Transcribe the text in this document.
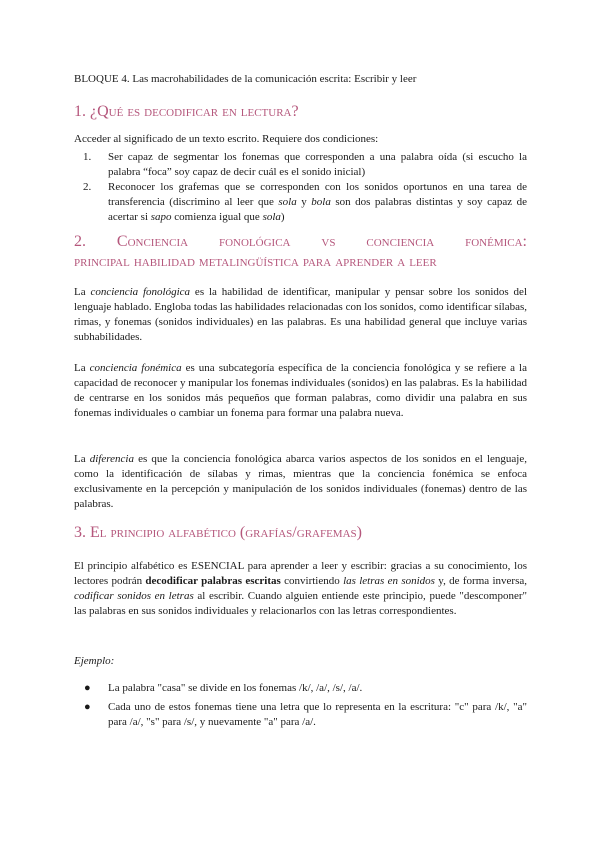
BLOQUE 4. Las macrohabilidades de la comunicación escrita: Escribir y leer
1. ¿Qué es decodificar en lectura?
Acceder al significado de un texto escrito. Requiere dos condiciones:
1. Ser capaz de segmentar los fonemas que corresponden a una palabra oída (si escucho la palabra “foca” soy capaz de decir cuál es el sonido inicial)
2. Reconocer los grafemas que se corresponden con los sonidos oportunos en una tarea de transferencia (discrimino al leer que sola y bola son dos palabras distintas y soy capaz de acertar si sapo comienza igual que sola)
2. Conciencia fonológica vs conciencia fonémica:
principal habilidad metalingüística para aprender a leer
La conciencia fonológica es la habilidad de identificar, manipular y pensar sobre los sonidos del lenguaje hablado. Engloba todas las habilidades relacionadas con los sonidos, como identificar sílabas, rimas, y fonemas (sonidos individuales) en las palabras. Es una habilidad general que incluye varias subhabilidades.
La conciencia fonémica es una subcategoría específica de la conciencia fonológica y se refiere a la capacidad de reconocer y manipular los fonemas individuales (sonidos) en las palabras. Es la habilidad de centrarse en los sonidos más pequeños que forman palabras, como dividir una palabra en sus fonemas individuales o cambiar un fonema para formar una palabra nueva.
La diferencia es que la conciencia fonológica abarca varios aspectos de los sonidos en el lenguaje, como la identificación de sílabas y rimas, mientras que la conciencia fonémica se enfoca exclusivamente en la percepción y manipulación de los sonidos individuales (fonemas) dentro de las palabras.
3. El principio alfabético (grafías/grafemas)
El principio alfabético es ESENCIAL para aprender a leer y escribir: gracias a su conocimiento, los lectores podrán decodificar palabras escritas convirtiendo las letras en sonidos y, de forma inversa, codificar sonidos en letras al escribir. Cuando alguien entiende este principio, puede "descomponer" las palabras en sus sonidos individuales y relacionarlos con las letras correspondientes.
Ejemplo:
● La palabra "casa" se divide en los fonemas /k/, /a/, /s/, /a/.
● Cada uno de estos fonemas tiene una letra que lo representa en la escritura: "c" para /k/, "a" para /a/, "s" para /s/, y nuevamente "a" para /a/.
